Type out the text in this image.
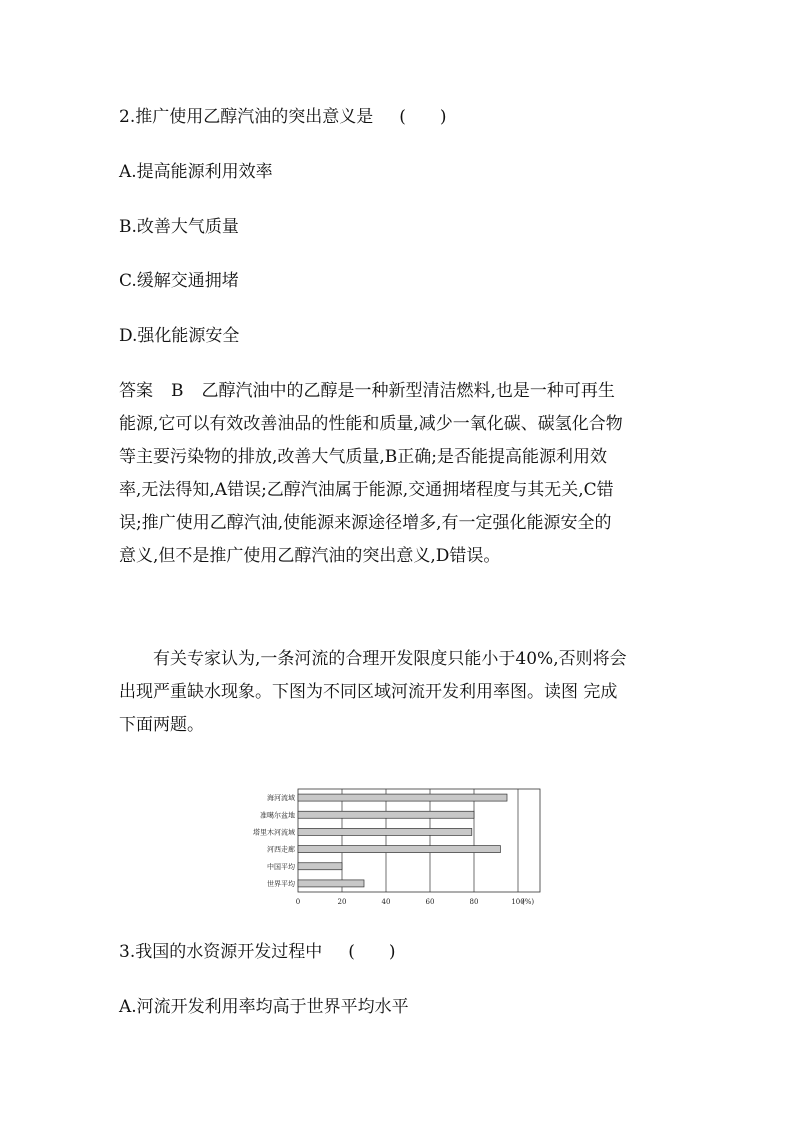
2.推广使用乙醇汽油的突出意义是 (　　)
A.提高能源利用效率
B.改善大气质量
C.缓解交通拥堵
D.强化能源安全

答案 B 乙醇汽油中的乙醇是一种新型清洁燃料,也是一种可再生
能源,它可以有效改善油品的性能和质量,减少一氧化碳、碳氢化合物
等主要污染物的排放,改善大气质量,B正确;是否能提高能源利用效
率,无法得知,A错误;乙醇汽油属于能源,交通拥堵程度与其无关,C错
误;推广使用乙醇汽油,使能源来源途径增多,有一定强化能源安全的
意义,但不是推广使用乙醇汽油的突出意义,D错误。

有关专家认为,一条河流的合理开发限度只能小于40%,否则将会
出现严重缺水现象。下图为不同区域河流开发利用率图。读图 完成
下面两题。

0	20	40	60	80	100
(%)
海河流域
准噶尔盆地
塔里木河流域
河西走廊
中国平均
世界平均
3.我国的水资源开发过程中 (　　)
A.河流开发利用率均高于世界平均水平
